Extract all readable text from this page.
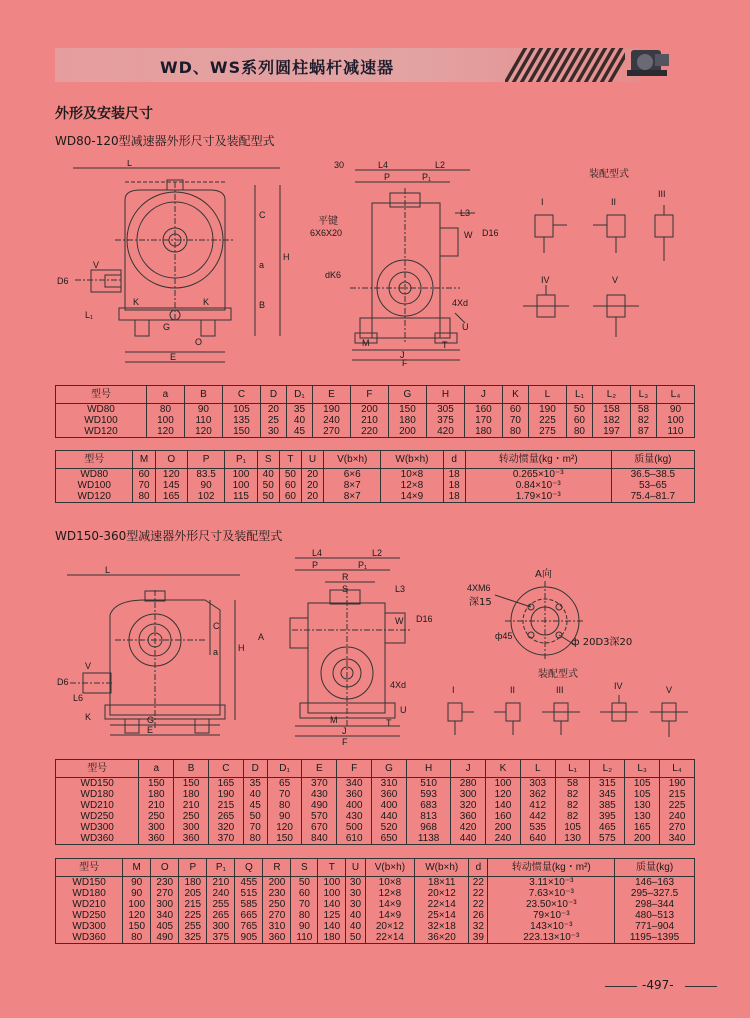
WD、WS系列圆柱蜗杆减速器
外形及安装尺寸
WD80-120型减速器外形尺寸及装配型式
L
C
a
H
B
D6
V
L₁
K	K
G
O
E
30	L4	L2
P	P₁
平键
6X6X20
L3
W D16
dK6
4Xd
M
J
F
U
T
装配型式
I	II
III
IV	V
型号	a	B	C	D	D₁	E	F	G	H	J	K	L	L₁	L₂	L₃	L₄
WD80	80	90	105	20	35	190	200	150	305	160	60	190	50	158	58	90
WD100	100	110	135	25	40	240	210	180	375	170	70	225	60	182	82	100
WD120	120	120	150	30	45	270	220	200	420	180	80	275	80	197	87	110
型号	M	O	P	P₁	S	T	U	V(b×h)	W(b×h)	d	转动惯量(kg・m²)	质量(kg)
WD80	60	120	83.5	100	40	50	20	6×6	10×8	18	0.265×10⁻³	36.5–38.5
WD100	70	145	90	100	50	60	20	8×7	12×8	18	0.84×10⁻³	53–65
WD120	80	165	102	115	50	60	20	8×7	14×9	18	1.79×10⁻³	75.4–81.7
WD150-360型减速器外形尺寸及装配型式
L
C
a H
D6
V
L6
K	G
E
L4	L2
P	P₁
R
S	L3
W D16
A
4Xd
M
J
F
U
T
A向
4XM6
深15
ф45
ф 20D3深20
装配型式
I	II	III	IV	V
型号	a	B	C	D	D₁	E	F	G	H	J	K	L	L₁	L₂	L₃	L₄
WD150	150	150	165	35	65	370	340	310	510	280	100	303	58	315	105	190
WD180	180	180	190	40	70	430	360	360	593	300	120	362	82	345	105	215
WD210	210	210	215	45	80	490	400	400	683	320	140	412	82	385	130	225
WD250	250	250	265	50	90	570	430	440	813	360	160	442	82	395	130	240
WD300	300	300	320	70	120	670	500	520	968	420	200	535	105	465	165	270
WD360	360	360	370	80	150	840	610	650	1138	440	240	640	130	575	200	340
型号	M	O	P	P₁	Q	R	S	T	U	V(b×h)	W(b×h)	d	转动惯量(kg・m²)	质量(kg)
WD150	90	230	180	210	455	200	50	100	30	10×8	18×11	22	3.11×10⁻³	146–163
WD180	90	270	205	240	515	230	60	100	30	12×8	20×12	22	7.63×10⁻³	295–327.5
WD210	100	300	215	255	585	250	70	140	30	14×9	22×14	22	23.50×10⁻³	298–344
WD250	120	340	225	265	665	270	80	125	40	14×9	25×14	26	79×10⁻³	480–513
WD300	150	405	255	300	765	310	90	140	40	20×12	32×18	32	143×10⁻³	771–904
WD360	80	490	325	375	905	360	110	180	50	22×14	36×20	39	223.13×10⁻³	1195–1395
-497-
